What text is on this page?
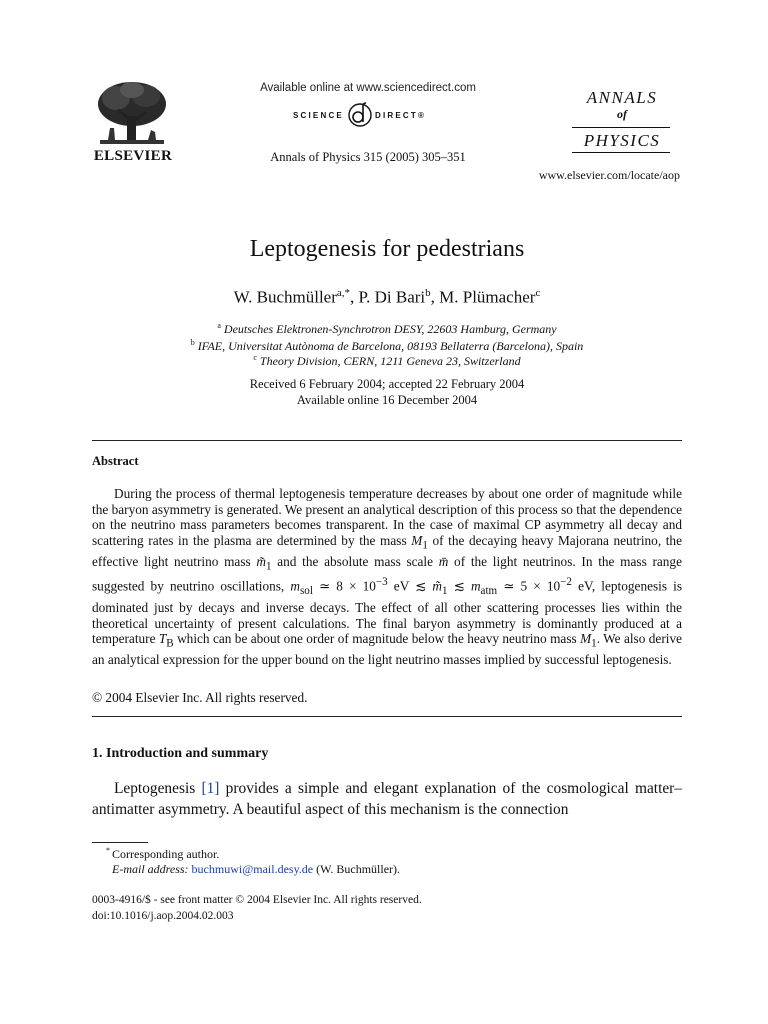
ELSEVIER
Available online at www.sciencedirect.com
SCIENCE	DIRECT®
Annals of Physics 315 (2005) 305–351
ANNALS
of
PHYSICS
www.elsevier.com/locate/aop
Leptogenesis for pedestrians
W. Buchmüller$^{a,*}$, P. Di Bari$^b$, M. Plümacher$^c$
$^a$ Deutsches Elektronen-Synchrotron DESY, 22603 Hamburg, Germany
$^b$ IFAE, Universitat Autònoma de Barcelona, 08193 Bellaterra (Barcelona), Spain
$^c$ Theory Division, CERN, 1211 Geneva 23, Switzerland
Received 6 February 2004; accepted 22 February 2004
Available online 16 December 2004
Abstract
During the process of thermal leptogenesis temperature decreases by about one order of magnitude while the baryon asymmetry is generated. We present an analytical description of this process so that the dependence on the neutrino mass parameters becomes transparent. In the case of maximal CP asymmetry all decay and scattering rates in the plasma are determined by the mass $M_1$ of the decaying heavy Majorana neutrino, the effective light neutrino mass $m̃_1$ and the absolute mass scale m̄ of the light neutrinos. In the mass range suggested by neutrino oscillations, $m_{sol}$ ≃ $8 \times 10^{-3}$ eV ≲ $m̃_1$ ≲ $m_{atm}$ ≃ $5 \times 10^{-2}$ eV, leptogenesis is dominated just by decays and inverse decays. The effect of all other scattering processes lies within the theoretical uncertainty of present calculations. The final baryon asymmetry is dominantly produced at a temperature $T_B$ which can be about one order of magnitude below the heavy neutrino mass $M_1$. We also derive an analytical expression for the upper bound on the light neutrino masses implied by successful leptogenesis.
© 2004 Elsevier Inc. All rights reserved.
1. Introduction and summary
Leptogenesis [1] provides a simple and elegant explanation of the cosmological matter–antimatter asymmetry. A beautiful aspect of this mechanism is the connection
* Corresponding author.
E-mail address: buchmuwi@mail.desy.de (W. Buchmüller).
0003-4916/$ - see front matter © 2004 Elsevier Inc. All rights reserved.
doi:10.1016/j.aop.2004.02.003
